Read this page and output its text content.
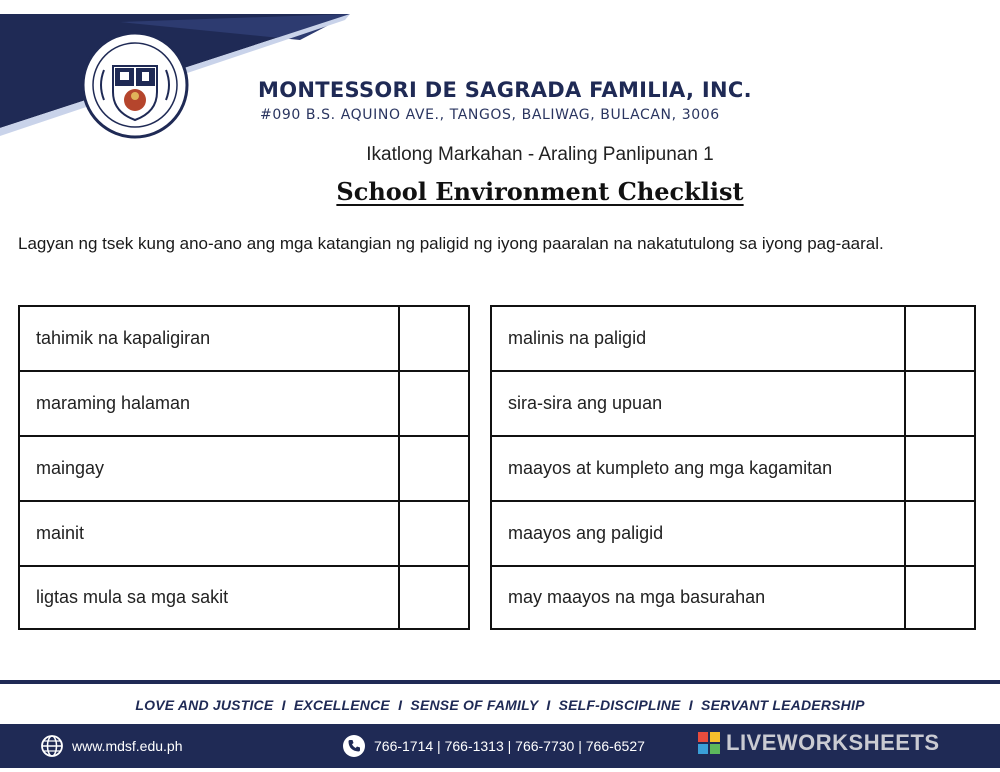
MONTESSORI DE SAGRADA FAMILIA, INC.
#090 B.S. AQUINO AVE., TANGOS, BALIWAG, BULACAN, 3006
Ikatlong Markahan - Araling Panlipunan 1
School Environment Checklist
Lagyan ng tsek kung ano-ano ang mga katangian ng paligid ng iyong paaralan na nakatutulong sa iyong pag-aaral.
tahimik na kapaligiran
maraming halaman
maingay
mainit
ligtas mula sa mga sakit
malinis na paligid
sira-sira ang upuan
maayos at kumpleto ang mga kagamitan
maayos ang paligid
may maayos na mga basurahan
LOVE AND JUSTICE  I  EXCELLENCE  I  SENSE OF FAMILY  I  SELF-DISCIPLINE  I  SERVANT LEADERSHIP
www.mdsf.edu.ph	766-1714 | 766-1313 | 766-7730 | 766-6527	LIVEWORKSHEETS
